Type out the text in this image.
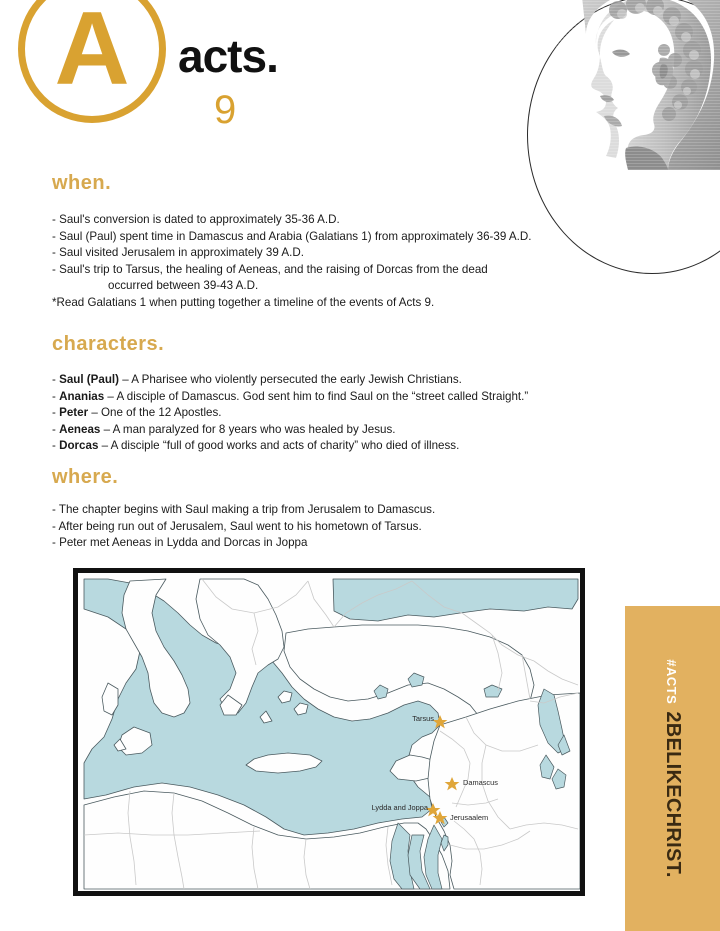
A	acts.
9
when.
- Saul's conversion is dated to approximately 35-36 A.D.
- Saul (Paul) spent time in Damascus and Arabia (Galatians 1) from approximately 36-39 A.D.
- Saul visited Jerusalem in approximately 39 A.D.
- Saul's trip to Tarsus, the healing of Aeneas, and the raising of Dorcas from the dead
occurred between 39-43 A.D.
*Read Galatians 1 when putting together a timeline of the events of Acts 9.
characters.
- Saul (Paul) – A Pharisee who violently persecuted the early Jewish Christians.
- Ananias – A disciple of Damascus. God sent him to find Saul on the “street called Straight.”
- Peter – One of the 12 Apostles.
- Aeneas – A man paralyzed for 8 years who was healed by Jesus.
- Dorcas – A disciple “full of good works and acts of charity” who died of illness.
where.
- The chapter begins with Saul making a trip from Jerusalem to Damascus.
- After being run out of Jerusalem, Saul went to his hometown of Tarsus.
- Peter met Aeneas in Lydda and Dorcas in Joppa
Tarsus
Damascus
Lydda and Joppa
Jerusaalem
#ACTS
2BELIKECHRIST.
